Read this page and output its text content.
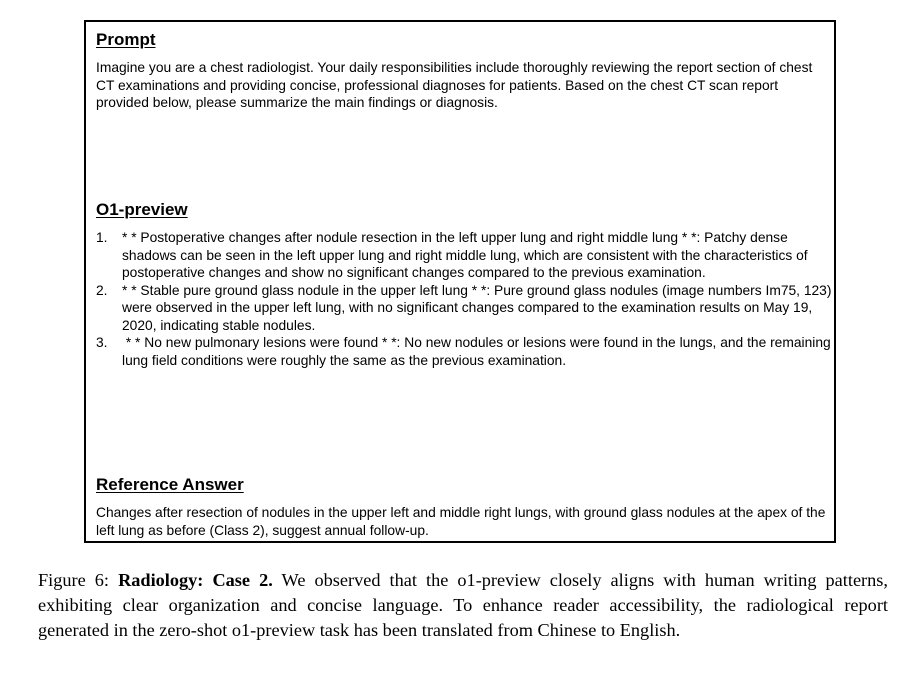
Prompt
Imagine you are a chest radiologist. Your daily responsibilities include thoroughly reviewing the report section of chest CT examinations and providing concise, professional diagnoses for patients. Based on the chest CT scan report provided below, please summarize the main findings or diagnosis.
O1-preview
1. * * Postoperative changes after nodule resection in the left upper lung and right middle lung * *: Patchy dense shadows can be seen in the left upper lung and right middle lung, which are consistent with the characteristics of postoperative changes and show no significant changes compared to the previous examination.
2. * * Stable pure ground glass nodule in the upper left lung * *: Pure ground glass nodules (image numbers Im75, 123) were observed in the upper left lung, with no significant changes compared to the examination results on May 19, 2020, indicating stable nodules.
3. * * No new pulmonary lesions were found * *: No new nodules or lesions were found in the lungs, and the remaining lung field conditions were roughly the same as the previous examination.
Reference Answer
Changes after resection of nodules in the upper left and middle right lungs, with ground glass nodules at the apex of the left lung as before (Class 2), suggest annual follow-up.
Figure 6: Radiology: Case 2. We observed that the o1-preview closely aligns with human writing patterns, exhibiting clear organization and concise language. To enhance reader accessibility, the radiological report generated in the zero-shot o1-preview task has been translated from Chinese to English.
